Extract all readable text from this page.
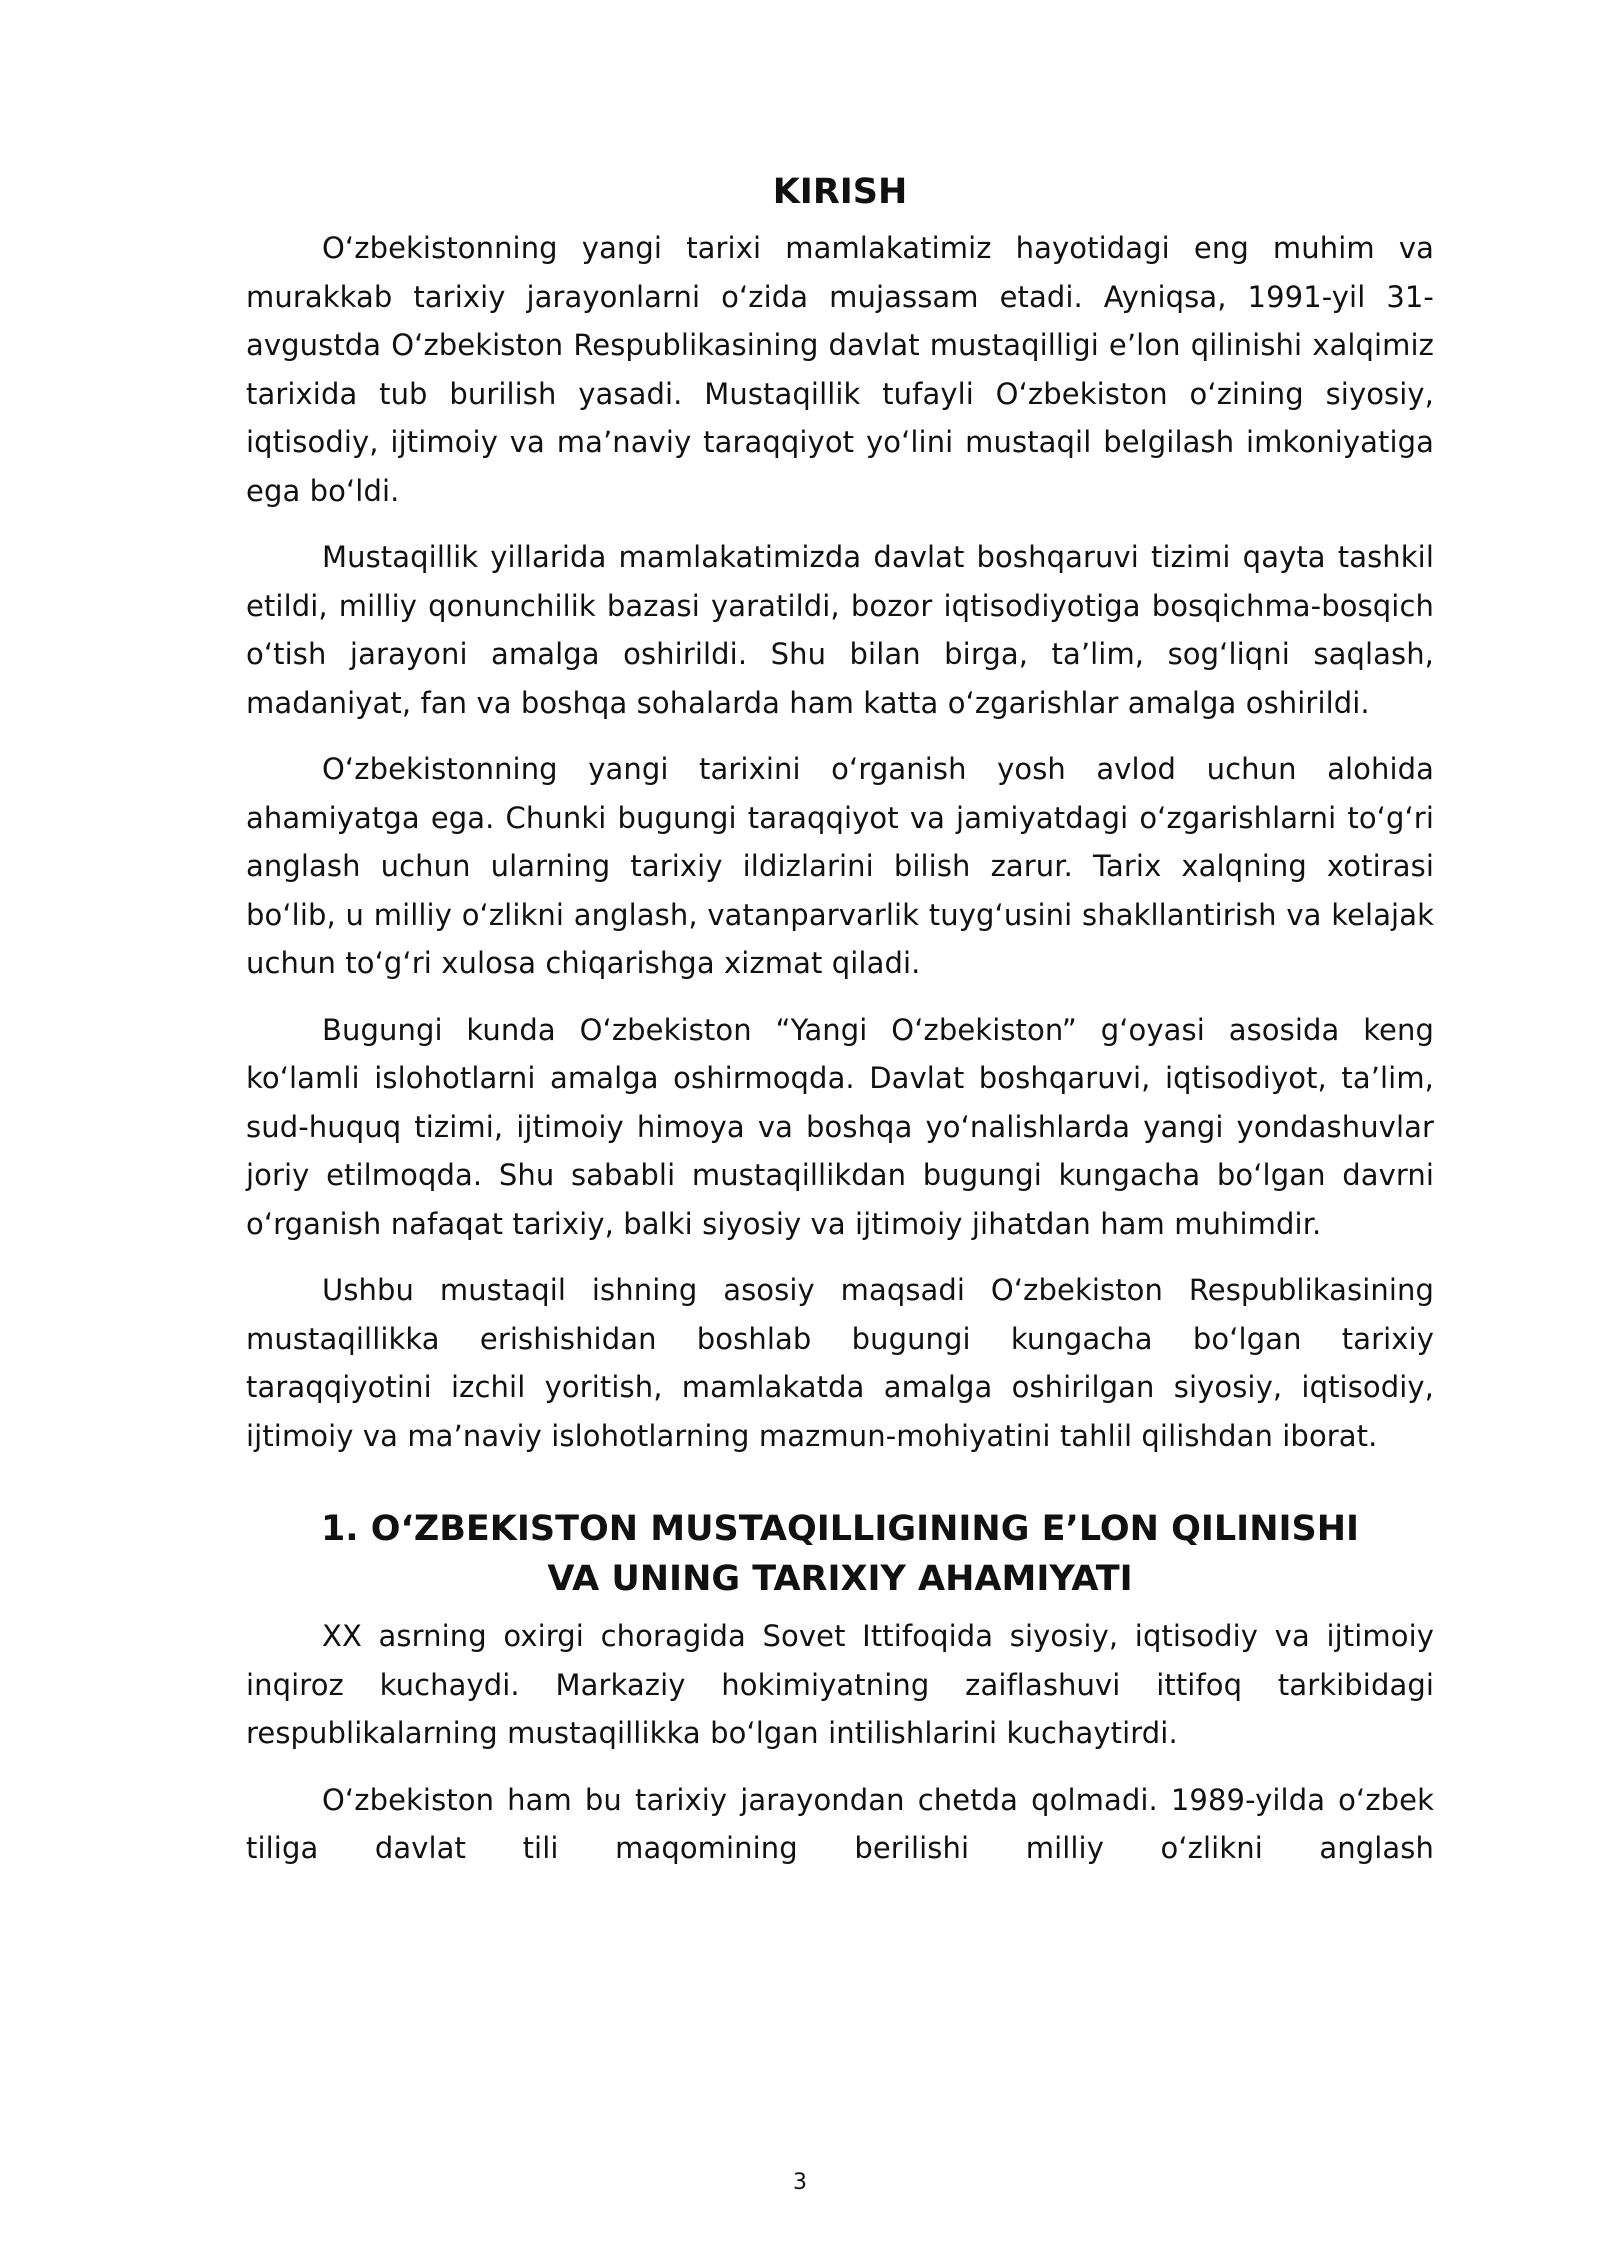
KIRISH

O‘zbekistonning yangi tarixi mamlakatimiz hayotidagi eng muhim va murakkab tarixiy jarayonlarni o‘zida mujassam etadi. Ayniqsa, 1991-yil 31-avgustda O‘zbekiston Respublikasining davlat mustaqilligi e’lon qilinishi xalqimiz tarixida tub burilish yasadi. Mustaqillik tufayli O‘zbekiston o‘zining siyosiy, iqtisodiy, ijtimoiy va ma’naviy taraqqiyot yo‘lini mustaqil belgilash imkoniyatiga ega bo‘ldi.

Mustaqillik yillarida mamlakatimizda davlat boshqaruvi tizimi qayta tashkil etildi, milliy qonunchilik bazasi yaratildi, bozor iqtisodiyotiga bosqichma-bosqich o‘tish jarayoni amalga oshirildi. Shu bilan birga, ta’lim, sog‘liqni saqlash, madaniyat, fan va boshqa sohalarda ham katta o‘zgarishlar amalga oshirildi.

O‘zbekistonning yangi tarixini o‘rganish yosh avlod uchun alohida ahamiyatga ega. Chunki bugungi taraqqiyot va jamiyatdagi o‘zgarishlarni to‘g‘ri anglash uchun ularning tarixiy ildizlarini bilish zarur. Tarix xalqning xotirasi bo‘lib, u milliy o‘zlikni anglash, vatanparvarlik tuyg‘usini shakllantirish va kelajak uchun to‘g‘ri xulosa chiqarishga xizmat qiladi.

Bugungi kunda O‘zbekiston “Yangi O‘zbekiston” g‘oyasi asosida keng ko‘lamli islohotlarni amalga oshirmoqda. Davlat boshqaruvi, iqtisodiyot, ta’lim, sud-huquq tizimi, ijtimoiy himoya va boshqa yo‘nalishlarda yangi yondashuvlar joriy etilmoqda. Shu sababli mustaqillikdan bugungi kungacha bo‘lgan davrni o‘rganish nafaqat tarixiy, balki siyosiy va ijtimoiy jihatdan ham muhimdir.

Ushbu mustaqil ishning asosiy maqsadi O‘zbekiston Respublikasining mustaqillikka erishishidan boshlab bugungi kungacha bo‘lgan tarixiy taraqqiyotini izchil yoritish, mamlakatda amalga oshirilgan siyosiy, iqtisodiy, ijtimoiy va ma’naviy islohotlarning mazmun-mohiyatini tahlil qilishdan iborat.

1. O‘ZBEKISTON MUSTAQILLIGINING E’LON QILINISHI
VA UNING TARIXIY AHAMIYATI

XX asrning oxirgi choragida Sovet Ittifoqida siyosiy, iqtisodiy va ijtimoiy inqiroz kuchaydi. Markaziy hokimiyatning zaiflashuvi ittifoq tarkibidagi respublikalarning mustaqillikka bo‘lgan intilishlarini kuchaytirdi.

O‘zbekiston ham bu tarixiy jarayondan chetda qolmadi. 1989-yilda o‘zbek tiliga davlat tili maqomining berilishi milliy o‘zlikni anglash

3
